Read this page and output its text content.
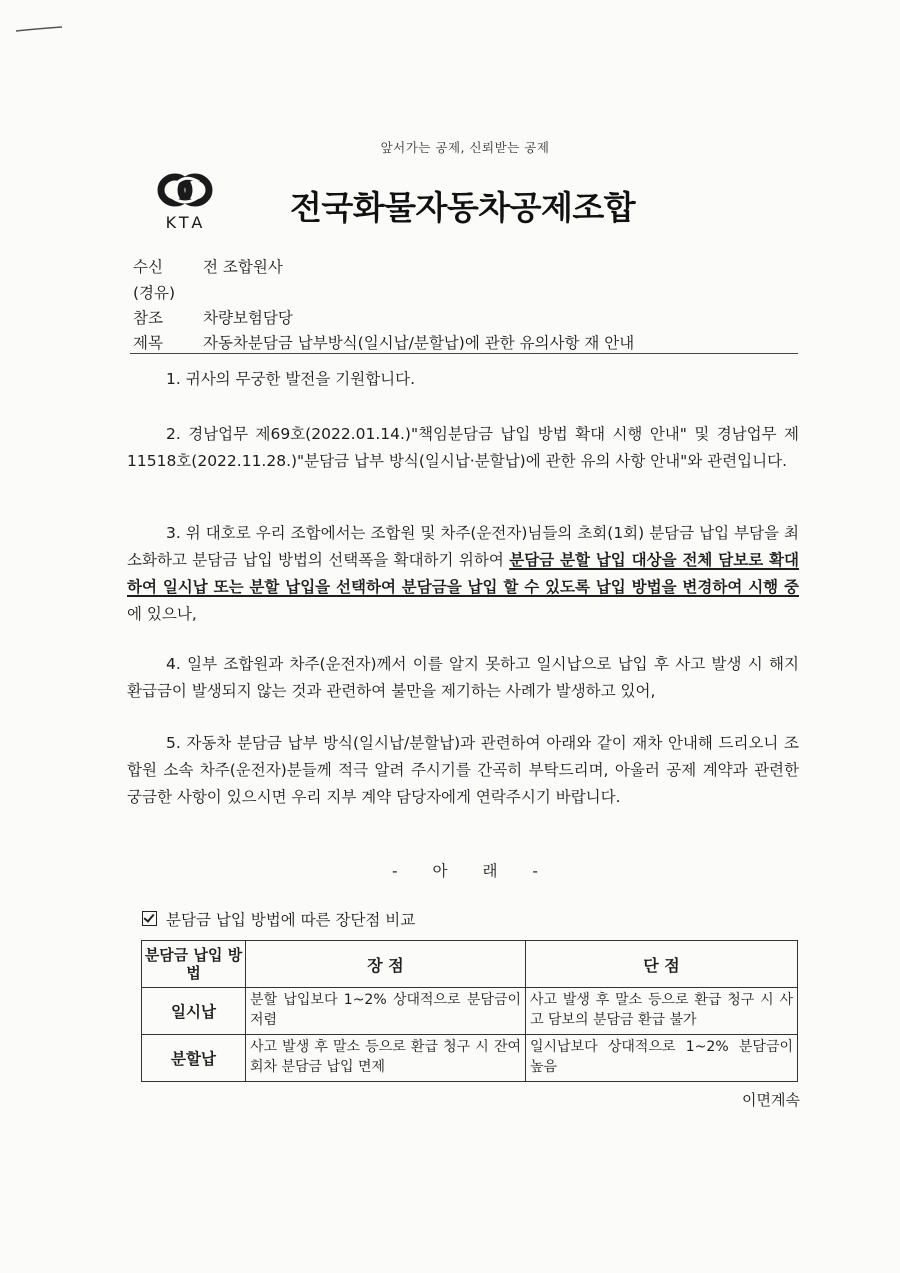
앞서가는 공제, 신뢰받는 공제
KTA	전국화물자동차공제조합
수신	전 조합원사
(경유)
참조	차량보험담당
제목	자동차분담금 납부방식(일시납/분할납)에 관한 유의사항 재 안내
1. 귀사의 무궁한 발전을 기원합니다.
2. 경남업무 제69호(2022.01.14.)"책임분담금 납입 방법 확대 시행 안내" 및 경남업무 제11518호(2022.11.28.)"분담금 납부 방식(일시납·분할납)에 관한 유의 사항 안내"와 관련입니다.
3. 위 대호로 우리 조합에서는 조합원 및 차주(운전자)님들의 초회(1회) 분담금 납입 부담을 최소화하고 분담금 납입 방법의 선택폭을 확대하기 위하여 분담금 분할 납입 대상을 전체 담보로 확대하여 일시납 또는 분할 납입을 선택하여 분담금을 납입 할 수 있도록 납입 방법을 변경하여 시행 중에 있으나,
4. 일부 조합원과 차주(운전자)께서 이를 알지 못하고 일시납으로 납입 후 사고 발생 시 해지 환급금이 발생되지 않는 것과 관련하여 불만을 제기하는 사례가 발생하고 있어,
5. 자동차 분담금 납부 방식(일시납/분할납)과 관련하여 아래와 같이 재차 안내해 드리오니 조합원 소속 차주(운전자)분들께 적극 알려 주시기를 간곡히 부탁드리며, 아울러 공제 계약과 관련한 궁금한 사항이 있으시면 우리 지부 계약 담당자에게 연락주시기 바랍니다.
- 아 래 -
분담금 납입 방법에 따른 장단점 비교
분담금 납입 방법	장 점	단 점
일시납	분할 납입보다 1~2% 상대적으로 분담금이 저렴	사고 발생 후 말소 등으로 환급 청구 시 사고 담보의 분담금 환급 불가
분할납	사고 발생 후 말소 등으로 환급 청구 시 잔여 회차 분담금 납입 면제	일시납보다 상대적으로 1~2% 분담금이 높음
이면계속
